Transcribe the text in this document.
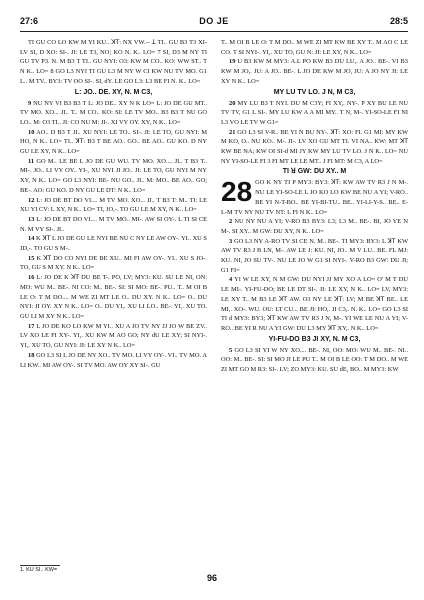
27:6	DO JE	28:5

TI GU CO LO KW M YI KU.. ꓘꓔ: NX VW.-- ꓕ TI.. GU B3 T3 XI-LV SI, D XO: SI-. JI: LE T3, NO; KO N. K.. LO= 7 SI, D3 M NY TI GU TV P3. N. M B3 T TI.. GU NYI: O3: KW M CO.. KO: WW ST.. T N K.. LO= 8 GO L3 NYI TI GU L3 M NY W CI KW NU TV MO. G1 L.. M TV.. BY3: TV OO SI-. SI, dY. LE GO L3: L3 BE FI N. K.. LO=

L: JO.. DE. XY, N. M C3,

9 NU NY VI B3 B3 T L: JO DE.. XY N K LO= L: JO DE GU MT.. TV MO. XO... JI.. T.. M CO.. KO: SI: LE TV MO.. B3 B3 T NU GO LO.. M: O3 TI.. JI: CO NU M: JI-. XI VY OY. XY, N K.. LO=

10 AO.. D B3 T JI.. XU NYI: LE TO.. SI-. JI: LE TO, GU NYI: M HO, N K.. LO= TI.. ꓘꓔ: B3 T BE AO.. GO.. BE AO.. GU KO. D NY GU LE XY, N K.. LO=

11 GO M.. LE BE L JO DE GU WU. TV MO. XO.... JI.. T B3 T.. MI-. JO.. LI VY OY.. YI-, XU NYI JI JO.. JI: LE TO, GU NYI M NY XY, N K.. LO= GO L3 NYI: BE- NU GO.. JI.. M: MO.. BE AO.. GO; BE-. AO: GU KO. D NY GU LE DT: N K.. LO=

12 L: JO DE BT DO VI.... M TV MO. XO... JI.. T B3 T: M.. TI: LE XU YI CV: L XY, N K.. LO= TI, JO,-. TO GU LE M XY, N K.. LO=

13 L: JO DE BT DO VI.... M TV MO.. MI-. AW SI OY-. L TI SI CE N. M VY SI-. JI..

14 K ꓘꓔ L JO DE GU LE NYI BE NU C NY LE AW OY-. YI.. XU S JD,-. TO GU S M-.

15 K ꓘꓔ DO CO NYI DE BE XU.. MI FI AW OY-. YI.. XU S JO-. TO, GU S M XY. N K.. LO=

16 L: JO DE K ꓘꓔ DU BE T-. PO, LV; MY3: KU. SU LE NI, ON: MO: WU M.. BE-. NI CO: M.. BE-. SI: SI MO: BE-. PU.. T.. M OI B LE O: T M DO.... M WE ZI MT LE O.. DU XY. N K.. LO= O.. DU NYI: JI OY. XY N K.. LO= O.. DU YI,. XU LI LO.. BE-. YI,. XU TO. GU LI M XY N K.. LO=

17 L JO DE KO LO KW M YI.. XU A JO TV NY JJ JO W BE ZV.. LV XO LE FI XY-. YI,. XU KW M AO GO; NY dU LE XY; SI NYI-. YI,. XU TO, GU NYI: JI: LE XY N K.. LO=

18 GO L3 SI L JO DE NY XO.. TV MO. LI VY OY-. VI.. TV MO. A LI KW.. MI AW OY-. SI TV MO. AW OY XY SI-. GU

T.. M OI B LE O: T M DO.. M WE ZI MT KW BE XY T.. M AO C LE CO. T SI NYI-. YI,. XU TO, GU N: JI: LE XY, N K.. LO=

19 U B3 KW M MY3: A.L PO KW B3 DU LU,. A JO.. BE-. VI B3 KW M JO,. JU: A JO.. BE-. L JO DE KW M JO, JU: A JO NY JI: LE XY N K.. LO=

MY LU TV LO. J N, M C3,

20 MY LU B3 T NYI. DU M C3Y; FI XY,. NY-. P XY BU LE NU TV TV, G1 L SI-. MY LU KW A A MI MY.. T N, M-. YI-SO-LE FI NI L3 VO LE TV W G1=

21 GO L3 SI V-R.. BE YI N BU NY-. ꓘꓔ: XO: FI. G1 MI: MY KW M KO, O.. NU KO.. M-. JI-. LV XO GU MT TI. VI NA.. KW: MT ꓘꓔ KW BE NA; KW OI SI-d MI JY KW MY LU TV LO. J N K.. LO= NU NY YI-SO-LE FI 3 FI MT LE LE MT.. J FI MT: M C3, A LO=

TI ꓤ GW: DU XY.. M

28 GO K NY TI P MY3: BY3: ꓘꓔ: KW AW TV R3 J N M-. NU LE YI-SO-LE L JO KO LO KW BE NU A YI; V-RO.. BE YI N-T-BO.. BE YI-BI-TU.. BE.. YI-LI-Y-S.. BE.. E-L-M TV NY NU TV NT: L FI N K.. LO=

2 NU NY NU A YI; V-RO B3 BY3: L3; L3 M.. BE-. BI, JO YE N M-. SI XY.. M GW: DU XY, N K.. LO=

3 GO L3 NY A-RO TV SI CE N. M.. BE-. TI MY3: BY3: L ꓘꓔ KW AW TV R3 J B LN, M-. AW LE J: KU. NI, JO.. M V LU.. BE. FL MJ: KU. NI, JO SU TV-. NU LE JO W G1 SI NYI-. V-RO B3 GW: DU JI; G1 FI=

4 YI W LE XY, N M GW: DU NYI JJ MY XO A LO= O' M T DU LE MI-. YI-FU-DO; BE LE DT SI-. JI: LE XY, N K.. LO= LV, MY3: LE XY T.. M B3 LE ꓘꓔ AW. O3 NY LE ꓘꓔ: LV; M BE ꓘꓔ BE.. LE MI,. XO-. WU. OU: LT CU... BE JI: HO,. JI C3,. N. K.. LO= GO L3 SI TI d MY3: BY3; ꓘꓔ KW AW TV R3 J N, M-. YI WE LE NU A YI; V-RO.. BE YI R NU A YI GW: DU L3 MY ꓘꓔ XY,. N K.. LO=

YI-FU-DO B3 JI XY, N. M C3,

5 GO L3 SI YI W NY XO.... BE-. NI, OO: MO: WU M.. BE-. NI.. OO: M.. BE-. SI: SI MO JI LE PU T.. M OI B LE OO: T M DO.. M WE ZI MT GO M R3: SI-. LV; ZO MY3: KU. SU dE, BO.. M MY3: KW

1. KU SI.. KW=
96
